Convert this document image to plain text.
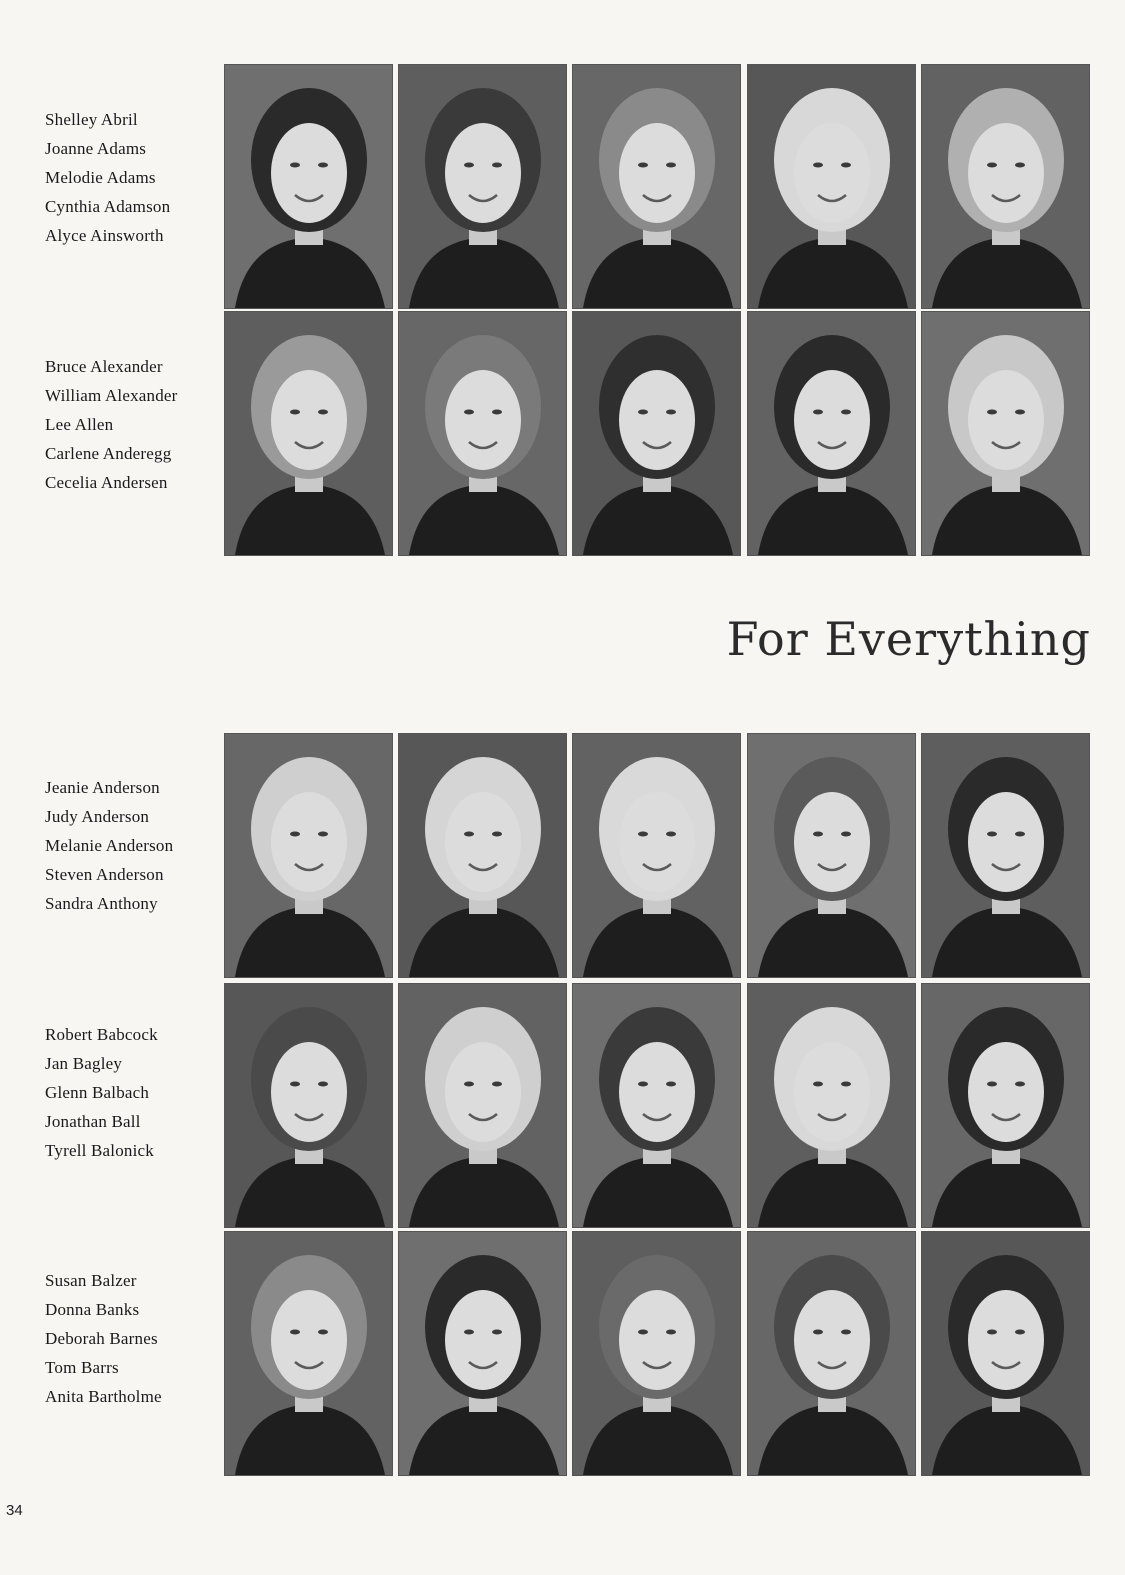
Shelley Abril
Joanne Adams
Melodie Adams
Cynthia Adamson
Alyce Ainsworth
Bruce Alexander
William Alexander
Lee Allen
Carlene Anderegg
Cecelia Andersen
Jeanie Anderson
Judy Anderson
Melanie Anderson
Steven Anderson
Sandra Anthony
Robert Babcock
Jan Bagley
Glenn Balbach
Jonathan Ball
Tyrell Balonick
Susan Balzer
Donna Banks
Deborah Barnes
Tom Barrs
Anita Bartholme
For Everything
34
